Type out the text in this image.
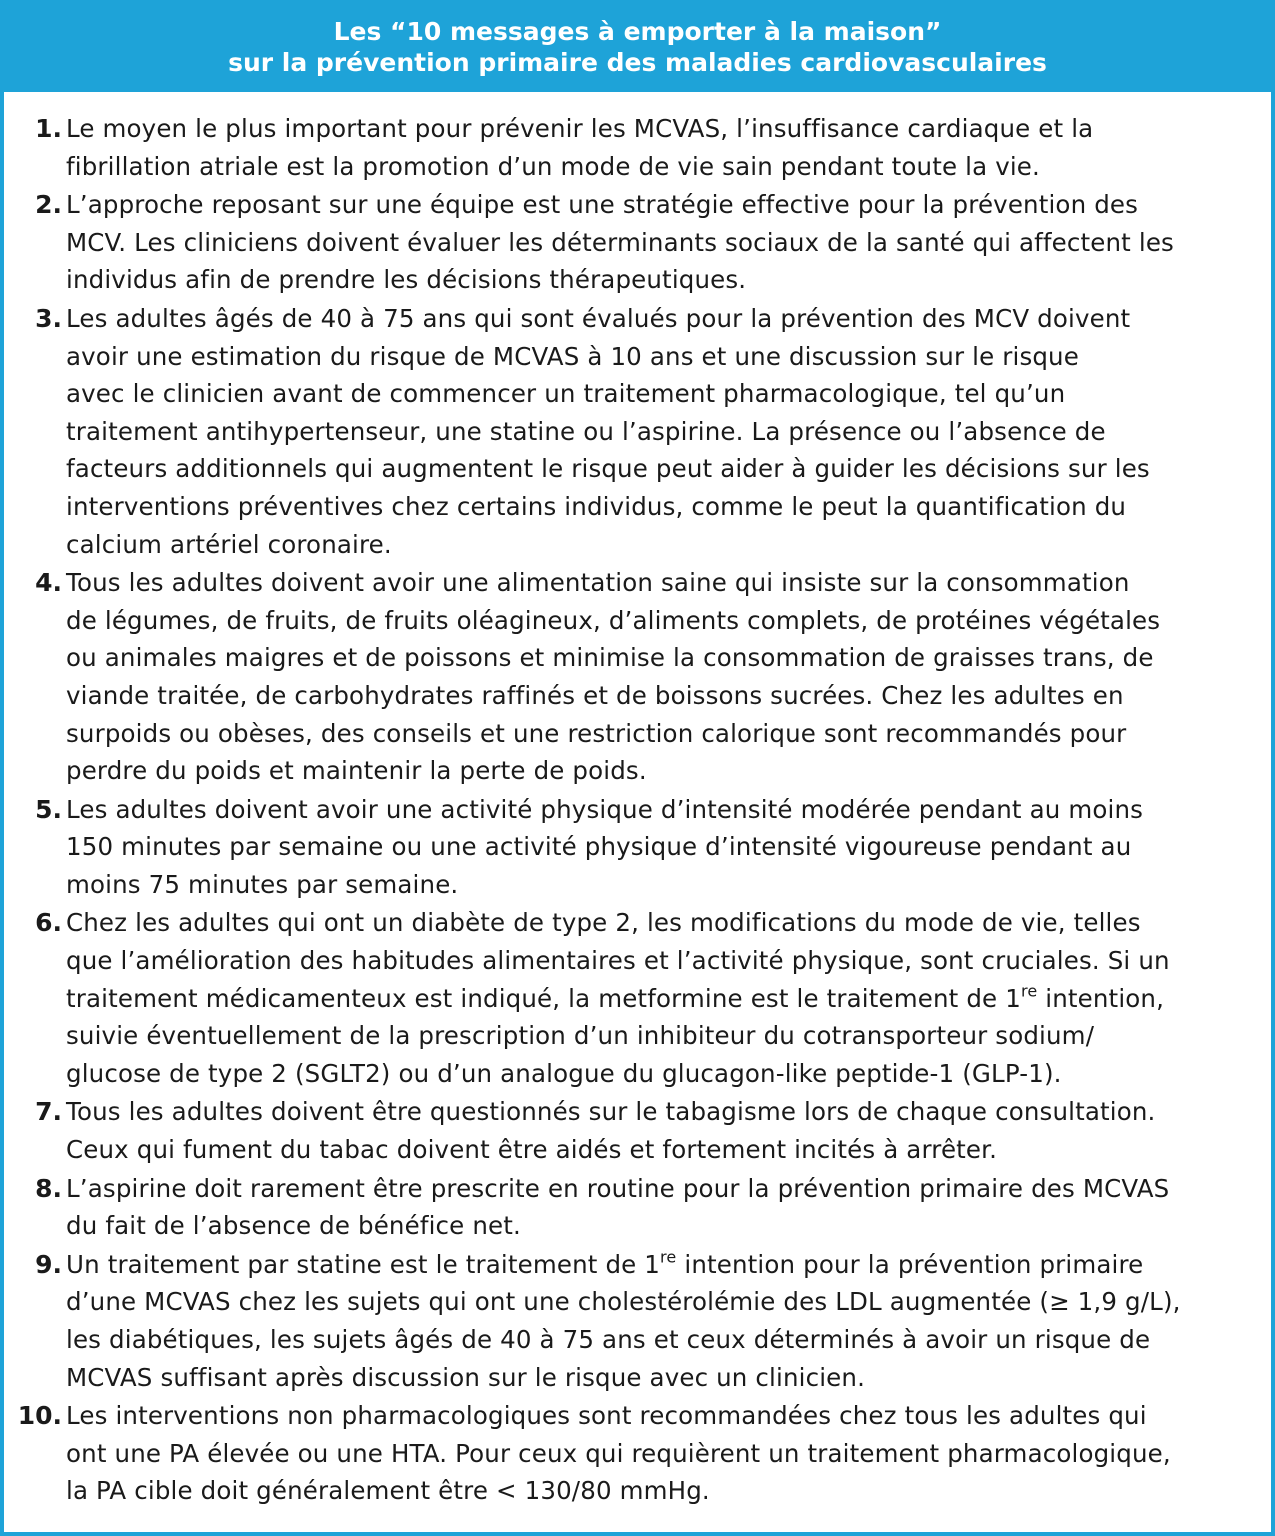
Les “10 messages à emporter à la maison”
sur la prévention primaire des maladies cardiovasculaires
1. Le moyen le plus important pour prévenir les MCVAS, l’insuffisance cardiaque et la
fibrillation atriale est la promotion d’un mode de vie sain pendant toute la vie.
2. L’approche reposant sur une équipe est une stratégie effective pour la prévention des
MCV. Les cliniciens doivent évaluer les déterminants sociaux de la santé qui affectent les
individus afin de prendre les décisions thérapeutiques.
3. Les adultes âgés de 40 à 75 ans qui sont évalués pour la prévention des MCV doivent
avoir une estimation du risque de MCVAS à 10 ans et une discussion sur le risque
avec le clinicien avant de commencer un traitement pharmacologique, tel qu’un
traitement antihypertenseur, une statine ou l’aspirine. La présence ou l’absence de
facteurs additionnels qui augmentent le risque peut aider à guider les décisions sur les
interventions préventives chez certains individus, comme le peut la quantification du
calcium artériel coronaire.
4. Tous les adultes doivent avoir une alimentation saine qui insiste sur la consommation
de légumes, de fruits, de fruits oléagineux, d’aliments complets, de protéines végétales
ou animales maigres et de poissons et minimise la consommation de graisses trans, de
viande traitée, de carbohydrates raffinés et de boissons sucrées. Chez les adultes en
surpoids ou obèses, des conseils et une restriction calorique sont recommandés pour
perdre du poids et maintenir la perte de poids.
5. Les adultes doivent avoir une activité physique d’intensité modérée pendant au moins
150 minutes par semaine ou une activité physique d’intensité vigoureuse pendant au
moins 75 minutes par semaine.
6. Chez les adultes qui ont un diabète de type 2, les modifications du mode de vie, telles
que l’amélioration des habitudes alimentaires et l’activité physique, sont cruciales. Si un
traitement médicamenteux est indiqué, la metformine est le traitement de 1re intention,
suivie éventuellement de la prescription d’un inhibiteur du cotransporteur sodium/
glucose de type 2 (SGLT2) ou d’un analogue du glucagon-like peptide-1 (GLP-1).
7. Tous les adultes doivent être questionnés sur le tabagisme lors de chaque consultation.
Ceux qui fument du tabac doivent être aidés et fortement incités à arrêter.
8. L’aspirine doit rarement être prescrite en routine pour la prévention primaire des MCVAS
du fait de l’absence de bénéfice net.
9. Un traitement par statine est le traitement de 1re intention pour la prévention primaire
d’une MCVAS chez les sujets qui ont une cholestérolémie des LDL augmentée (≥ 1,9 g/L),
les diabétiques, les sujets âgés de 40 à 75 ans et ceux déterminés à avoir un risque de
MCVAS suffisant après discussion sur le risque avec un clinicien.
10. Les interventions non pharmacologiques sont recommandées chez tous les adultes qui
ont une PA élevée ou une HTA. Pour ceux qui requièrent un traitement pharmacologique,
la PA cible doit généralement être < 130/80 mmHg.
